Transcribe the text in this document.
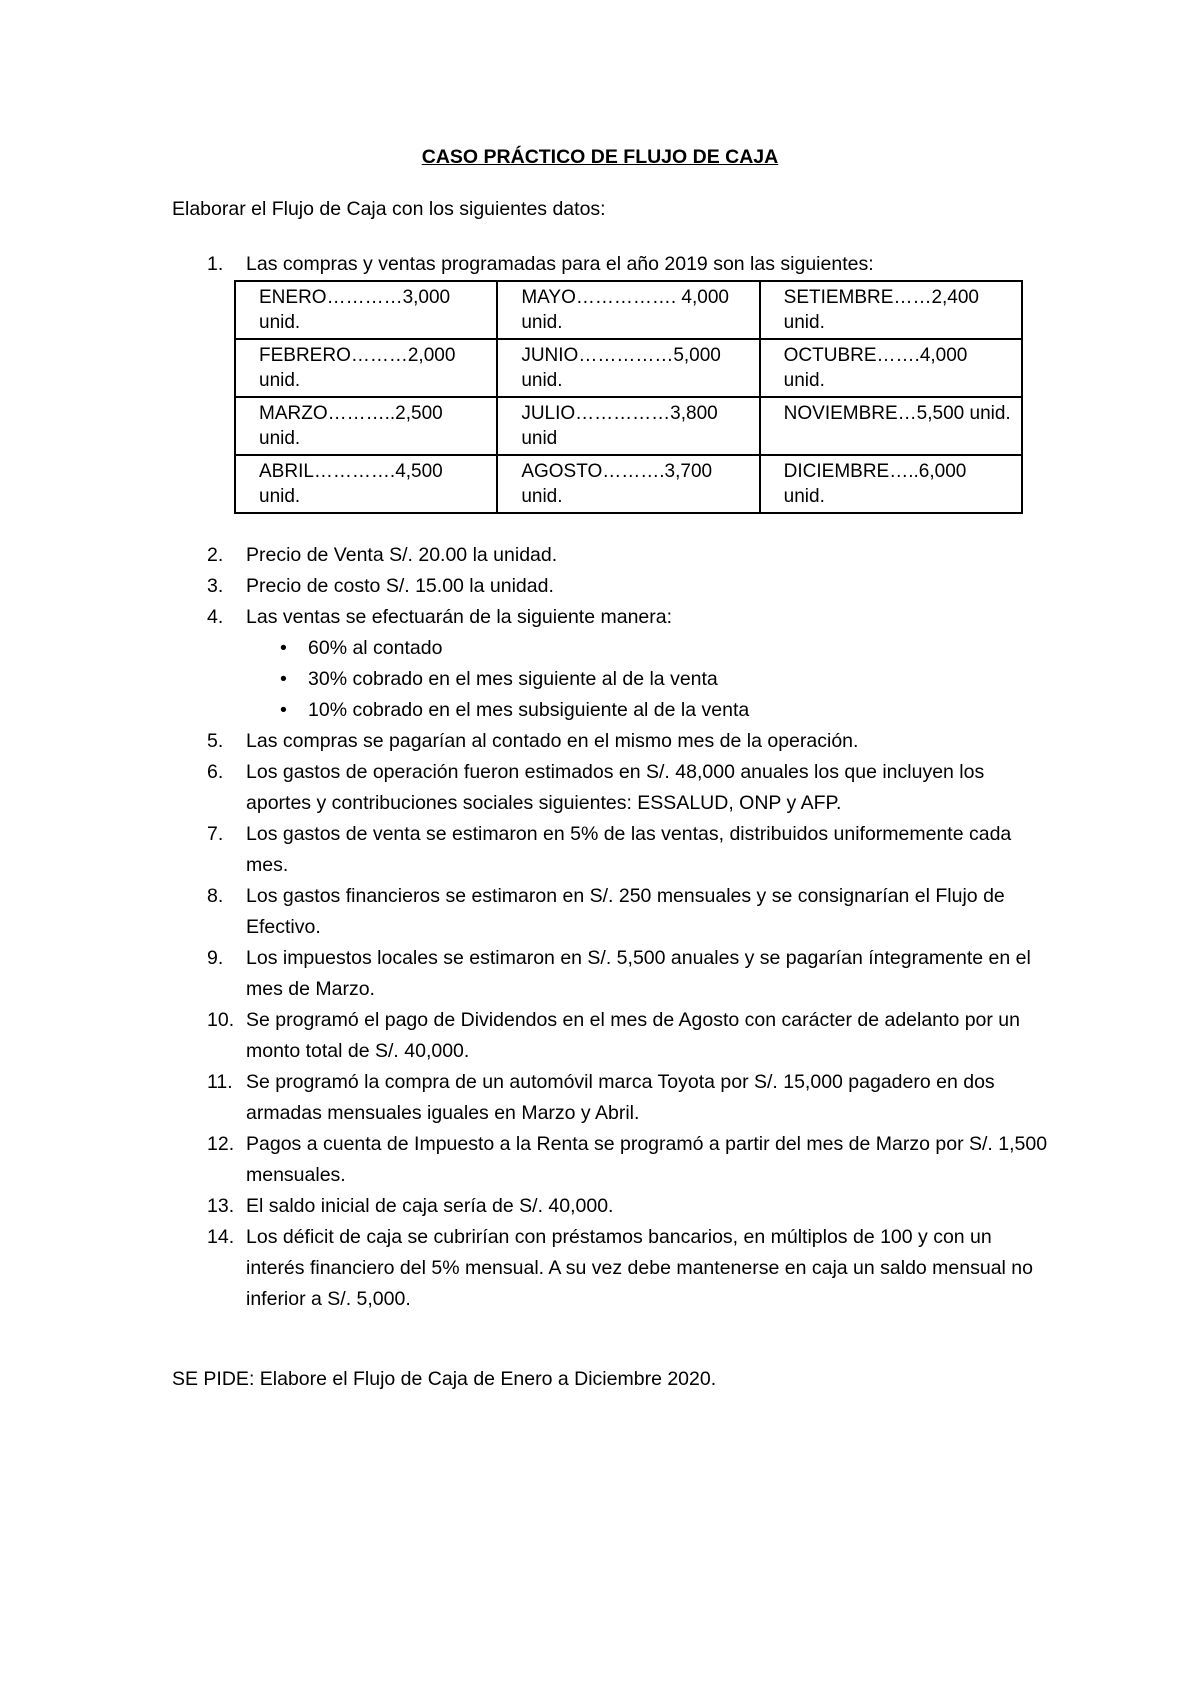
CASO PRÁCTICO DE FLUJO DE CAJA
Elaborar el Flujo de Caja con los siguientes datos:
1. Las compras y ventas programadas para el año 2019 son las siguientes:
ENERO…………3,000 unid.	MAYO……………. 4,000 unid.	SETIEMBRE……2,400 unid.
FEBRERO………2,000 unid.	JUNIO……………5,000 unid.	OCTUBRE…….4,000 unid.
MARZO………..2,500 unid.	JULIO……………3,800 unid	NOVIEMBRE…5,500 unid.
ABRIL………….4,500 unid.	AGOSTO……….3,700 unid.	DICIEMBRE…..6,000 unid.
2. Precio de Venta S/. 20.00 la unidad.
3. Precio de costo S/. 15.00 la unidad.
4. Las ventas se efectuarán de la siguiente manera:
• 60% al contado
• 30% cobrado en el mes siguiente al de la venta
• 10% cobrado en el mes subsiguiente al de la venta
5. Las compras se pagarían al contado en el mismo mes de la operación.
6. Los gastos de operación fueron estimados en S/. 48,000 anuales los que incluyen los aportes y contribuciones sociales siguientes: ESSALUD, ONP y AFP.
7. Los gastos de venta se estimaron en 5% de las ventas, distribuidos uniformemente cada mes.
8. Los gastos financieros se estimaron en S/. 250 mensuales y se consignarían el Flujo de Efectivo.
9. Los impuestos locales se estimaron en S/. 5,500 anuales y se pagarían íntegramente en el mes de Marzo.
10. Se programó el pago de Dividendos en el mes de Agosto con carácter de adelanto por un monto total de S/. 40,000.
11. Se programó la compra de un automóvil marca Toyota por S/. 15,000 pagadero en dos armadas mensuales iguales en Marzo y Abril.
12. Pagos a cuenta de Impuesto a la Renta se programó a partir del mes de Marzo por S/. 1,500 mensuales.
13. El saldo inicial de caja sería de S/. 40,000.
14. Los déficit de caja se cubrirían con préstamos bancarios, en múltiplos de 100 y con un interés financiero del 5% mensual. A su vez debe mantenerse en caja un saldo mensual no inferior a S/. 5,000.
SE PIDE: Elabore el Flujo de Caja de Enero a Diciembre 2020.
